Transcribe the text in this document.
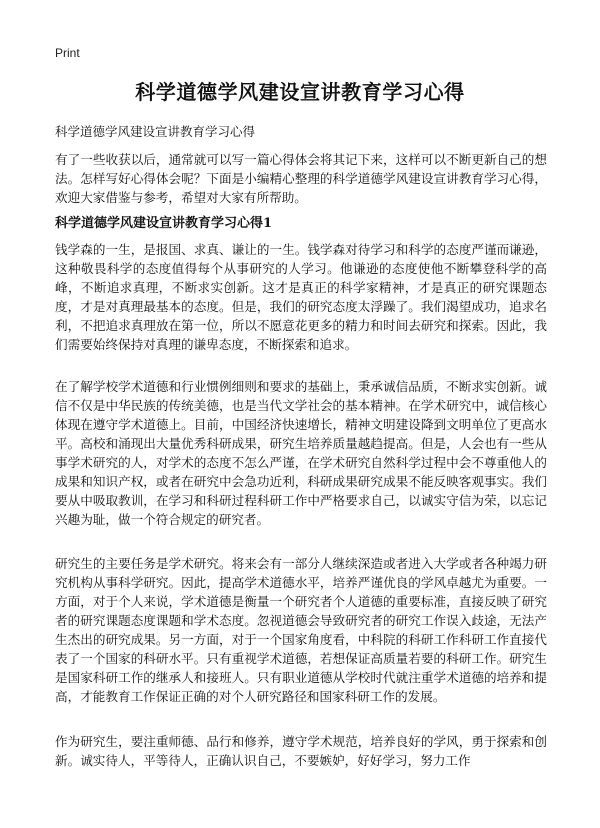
Print
科学道德学风建设宣讲教育学习心得
科学道德学风建设宣讲教育学习心得

有了一些收获以后，通常就可以写一篇心得体会将其记下来，这样可以不断更新自己的想法。怎样写好心得体会呢？下面是小编精心整理的科学道德学风建设宣讲教育学习心得，欢迎大家借鉴与参考，希望对大家有所帮助。

科学道德学风建设宣讲教育学习心得1

钱学森的一生，是报国、求真、谦让的一生。钱学森对待学习和科学的态度严谨而谦逊，这种敬畏科学的态度值得每个从事研究的人学习。他谦逊的态度使他不断攀登科学的高峰，不断追求真理，不断求实创新。这才是真正的科学家精神，才是真正的研究课题态度，才是对真理最基本的态度。但是，我们的研究态度太浮躁了。我们渴望成功，追求名利，不把追求真理放在第一位，所以不愿意花更多的精力和时间去研究和探索。因此，我们需要始终保持对真理的谦卑态度，不断探索和追求。

在了解学校学术道德和行业惯例细则和要求的基础上，秉承诚信品质，不断求实创新。诚信不仅是中华民族的传统美德，也是当代文学社会的基本精神。在学术研究中，诚信核心体现在遵守学术道德上。目前，中国经济快速增长，精神文明建设降到文明单位了更高水平。高校和涌现出大量优秀科研成果，研究生培养质量越趋提高。但是，人会也有一些从事学术研究的人，对学术的态度不怎么严谨，在学术研究自然科学过程中会不尊重他人的成果和知识产权，或者在研究中会急功近利，科研成果研究成果不能反映客观事实。我们要从中吸取教训，在学习和科研过程科研工作中严格要求自己，以诚实守信为荣，以忘记兴趣为耻，做一个符合规定的研究者。

研究生的主要任务是学术研究。将来会有一部分人继续深造或者进入大学或者各种竭力研究机构从事科学研究。因此，提高学术道德水平，培养严谨优良的学风卓越尤为重要。一方面，对于个人来说，学术道德是衡量一个研究者个人道德的重要标准，直接反映了研究者的研究课题态度课题和学术态度。忽视道德会导致研究者的研究工作误入歧途，无法产生杰出的研究成果。另一方面，对于一个国家角度看，中科院的科研工作科研工作直接代表了一个国家的科研水平。只有重视学术道德，若想保证高质量若要的科研工作。研究生是国家科研工作的继承人和接班人。只有职业道德从学校时代就注重学术道德的培养和提高，才能教育工作保证正确的对个人研究路径和国家科研工作的发展。

作为研究生，要注重师德、品行和修养，遵守学术规范，培养良好的学风，勇于探索和创新。诚实待人，平等待人，正确认识自己，不要嫉妒，好好学习，努力工作
